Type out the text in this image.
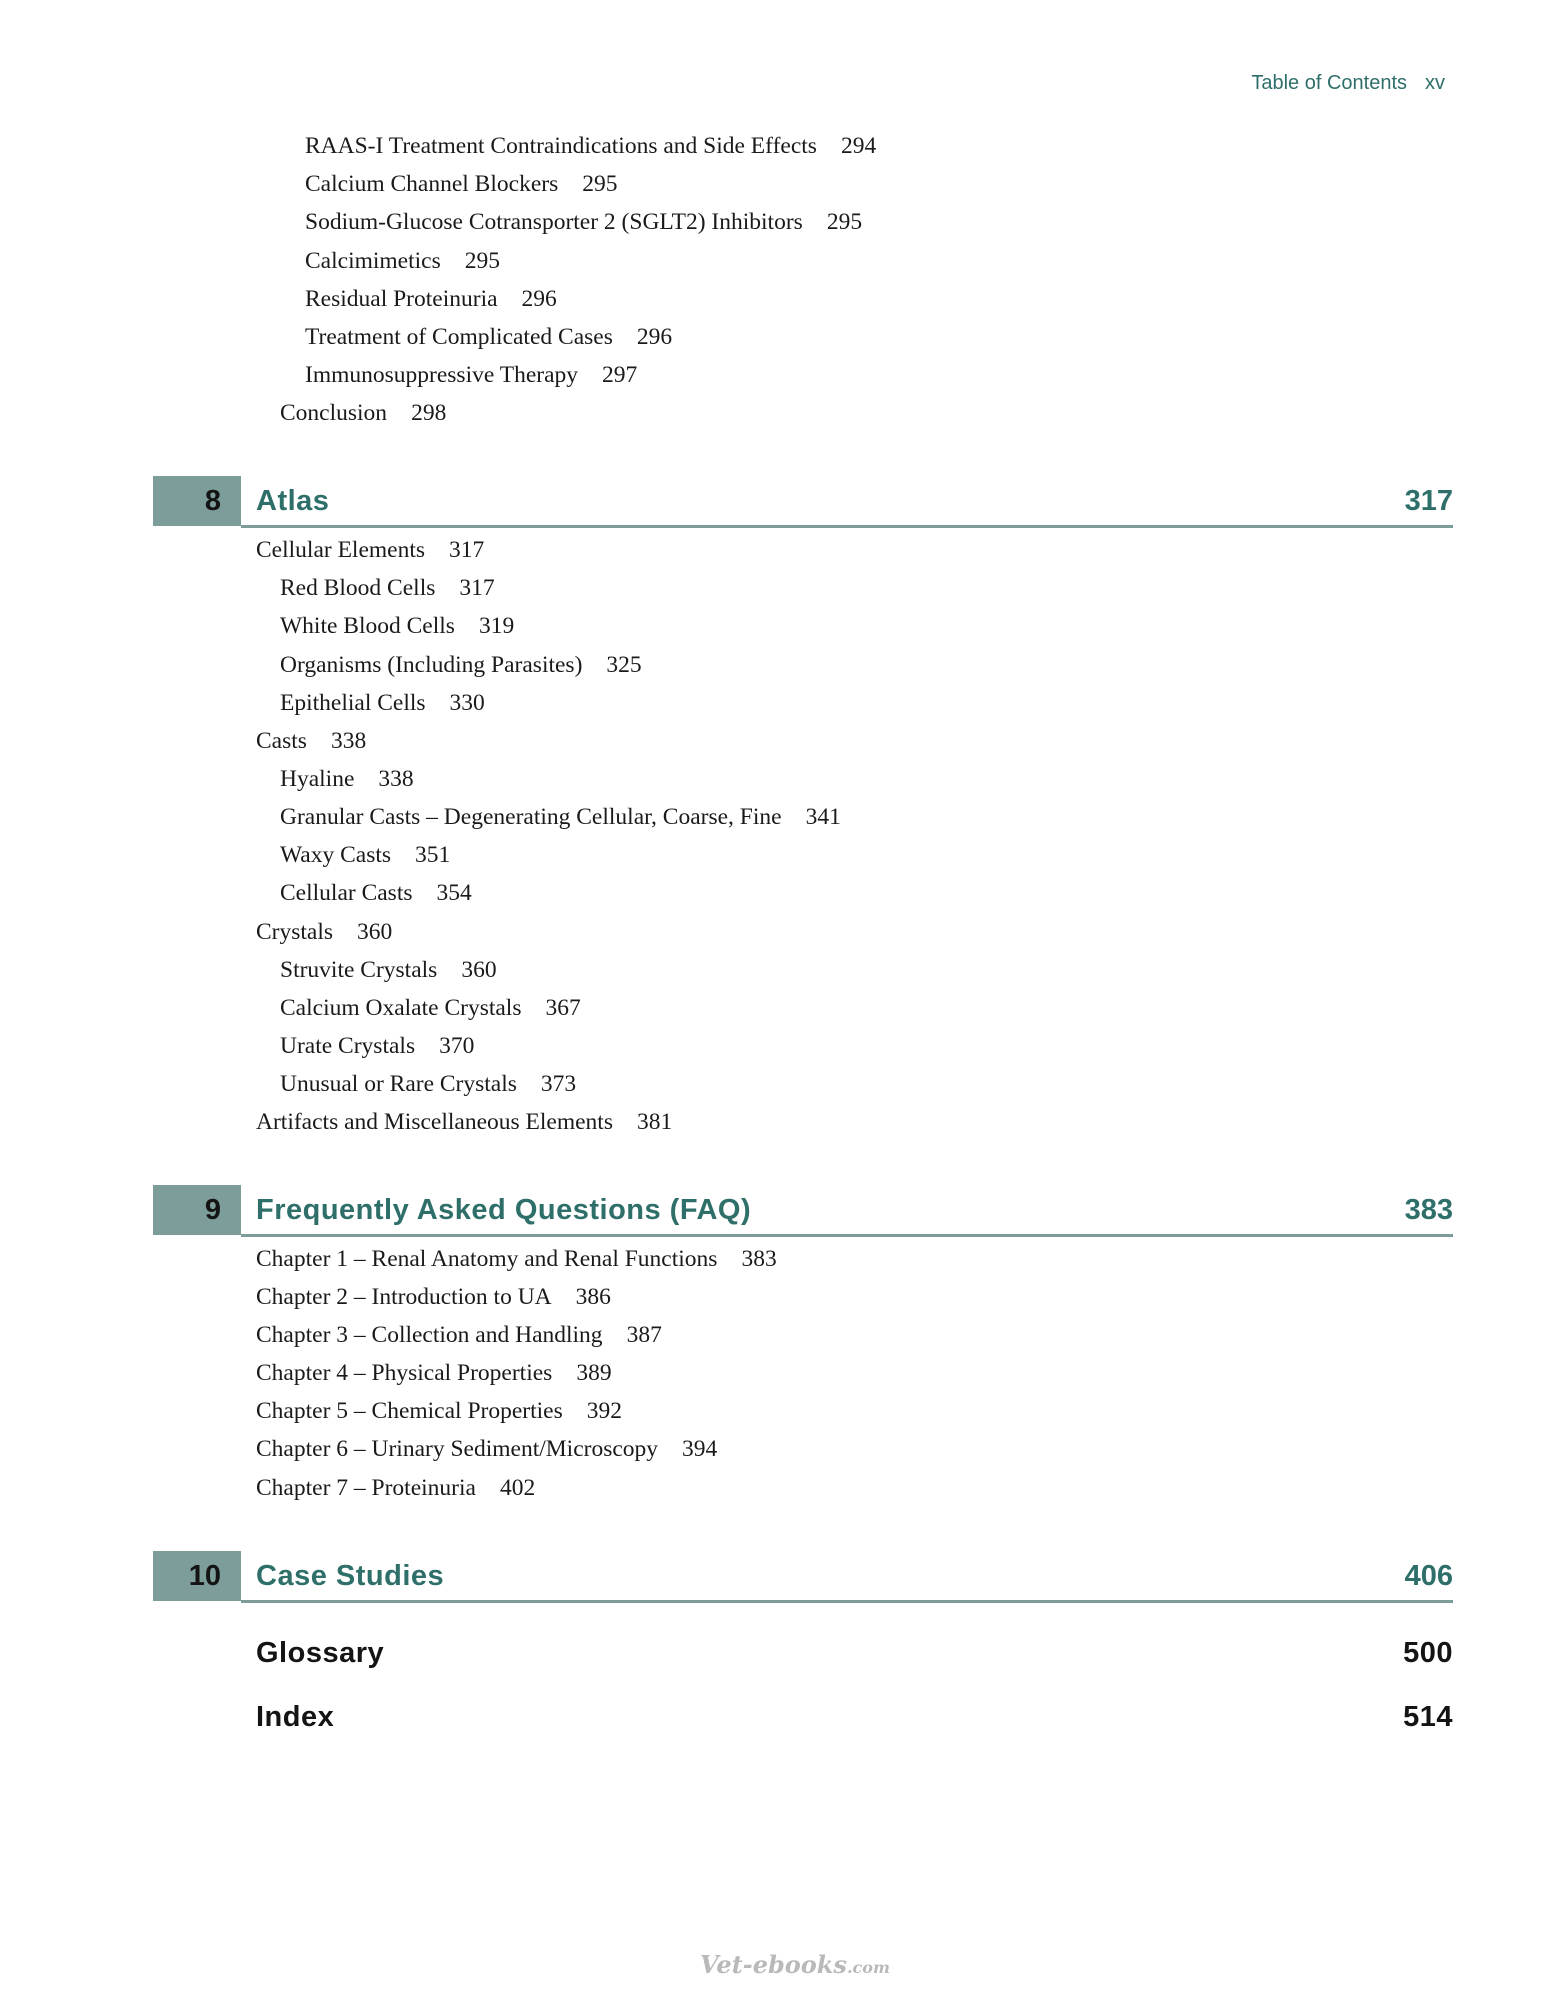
Table of Contents xv
RAAS-I Treatment Contraindications and Side Effects 294
Calcium Channel Blockers 295
Sodium-Glucose Cotransporter 2 (SGLT2) Inhibitors 295
Calcimimetics 295
Residual Proteinuria 296
Treatment of Complicated Cases 296
Immunosuppressive Therapy 297
Conclusion 298
8	Atlas	317
Cellular Elements 317
Red Blood Cells 317
White Blood Cells 319
Organisms (Including Parasites) 325
Epithelial Cells 330
Casts 338
Hyaline 338
Granular Casts – Degenerating Cellular, Coarse, Fine 341
Waxy Casts 351
Cellular Casts 354
Crystals 360
Struvite Crystals 360
Calcium Oxalate Crystals 367
Urate Crystals 370
Unusual or Rare Crystals 373
Artifacts and Miscellaneous Elements 381
9	Frequently Asked Questions (FAQ)	383
Chapter 1 – Renal Anatomy and Renal Functions 383
Chapter 2 – Introduction to UA 386
Chapter 3 – Collection and Handling 387
Chapter 4 – Physical Properties 389
Chapter 5 – Chemical Properties 392
Chapter 6 – Urinary Sediment/Microscopy 394
Chapter 7 – Proteinuria 402
10	Case Studies	406
Glossary	500
Index	514
Vet-ebooks.com
